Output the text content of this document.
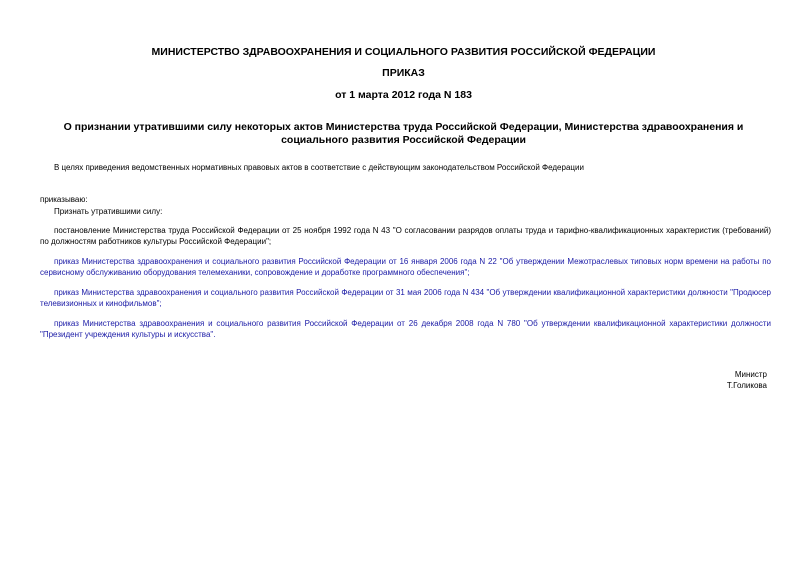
МИНИСТЕРСТВО ЗДРАВООХРАНЕНИЯ И СОЦИАЛЬНОГО РАЗВИТИЯ РОССИЙСКОЙ ФЕДЕРАЦИИ
ПРИКАЗ
от 1 марта 2012 года N 183
О признании утратившими силу некоторых актов Министерства труда Российской Федерации, Министерства здравоохранения и социального развития Российской Федерации
В целях приведения ведомственных нормативных правовых актов в соответствие с действующим законодательством Российской Федерации
приказываю:
Признать утратившими силу:
постановление Министерства труда Российской Федерации от 25 ноября 1992 года N 43 "О согласовании разрядов оплаты труда и тарифно-квалификационных характеристик (требований) по должностям работников культуры Российской Федерации";
приказ Министерства здравоохранения и социального развития Российской Федерации от 16 января 2006 года N 22 "Об утверждении Межотраслевых типовых норм времени на работы по сервисному обслуживанию оборудования телемеханики, сопровождение и доработке программного обеспечения";
приказ Министерства здравоохранения и социального развития Российской Федерации от 31 мая 2006 года N 434 "Об утверждении квалификационной характеристики должности "Продюсер телевизионных и кинофильмов";
приказ Министерства здравоохранения и социального развития Российской Федерации от 26 декабря 2008 года N 780 "Об утверждении квалификационной характеристики должности "Президент учреждения культуры и искусства".
Министр
Т.Голикова
